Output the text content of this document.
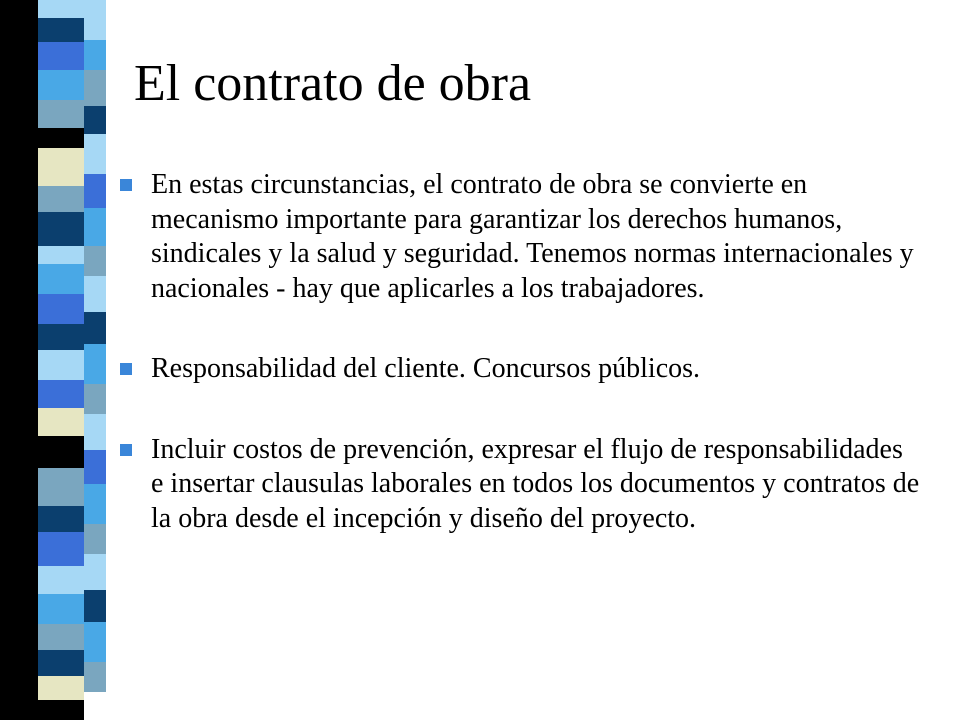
El contrato de obra
En estas circunstancias, el contrato de obra se convierte en mecanismo importante para garantizar los derechos humanos, sindicales y la salud y seguridad. Tenemos normas internacionales y nacionales - hay que aplicarles a los trabajadores.
Responsabilidad del cliente. Concursos públicos.
Incluir costos de prevención, expresar el flujo de responsabilidades e insertar clausulas laborales en todos los documentos y contratos de la obra desde el incepción y diseño del proyecto.
